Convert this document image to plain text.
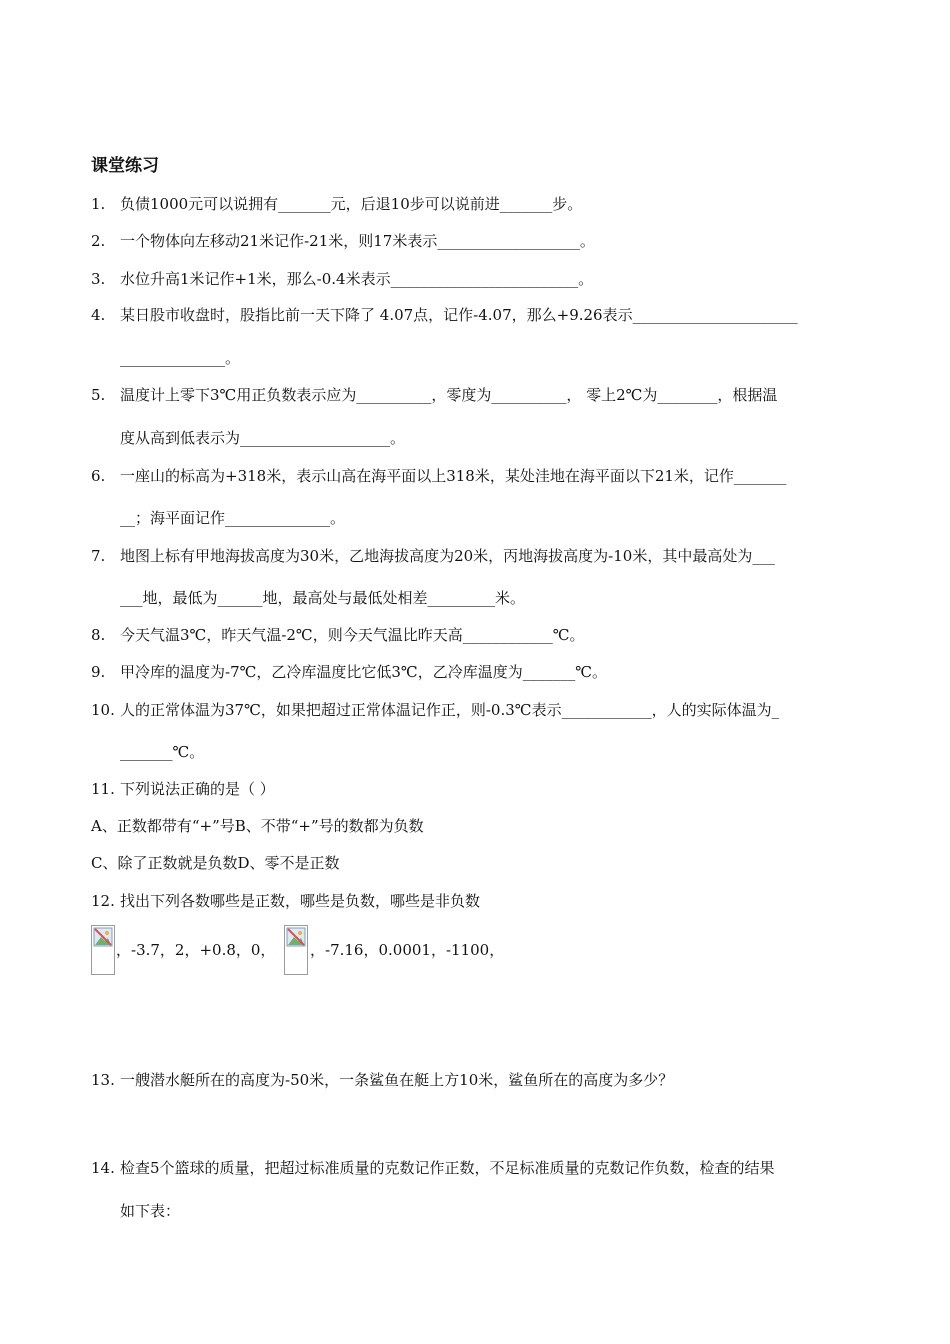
课堂练习
1. 负债1000元可以说拥有_______元，后退10步可以说前进_______步。
2. 一个物体向左移动21米记作-21米，则17米表示___________________。
3. 水位升高1米记作+1米，那么-0.4米表示_________________________。
4. 某日股市收盘时，股指比前一天下降了 4.07点，记作-4.07，那么+9.26表示______________________
______________。
5. 温度计上零下3℃用正负数表示应为__________，零度为__________， 零上2℃为________，根据温
度从高到低表示为____________________。
6. 一座山的标高为+318米，表示山高在海平面以上318米，某处洼地在海平面以下21米，记作_______
__；海平面记作______________。
7. 地图上标有甲地海拔高度为30米，乙地海拔高度为20米，丙地海拔高度为-10米，其中最高处为___
___地，最低为______地，最高处与最低处相差_________米。
8. 今天气温3℃，昨天气温-2℃，则今天气温比昨天高____________℃。
9. 甲冷库的温度为-7℃，乙冷库温度比它低3℃，乙冷库温度为_______℃。
10. 人的正常体温为37℃，如果把超过正常体温记作正，则-0.3℃表示____________，人的实际体温为_
_______℃。
11. 下列说法正确的是（ ）
A、正数都带有“+”号B、不带“+”号的数都为负数
C、除了正数就是负数D、零不是正数
12. 找出下列各数哪些是正数，哪些是负数，哪些是非负数
，-3.7，2，+0.8，0， ，-7.16，0.0001，-1100，
13. 一艘潜水艇所在的高度为-50米，一条鲨鱼在艇上方10米，鲨鱼所在的高度为多少？
14. 检查5个篮球的质量，把超过标准质量的克数记作正数，不足标准质量的克数记作负数，检查的结果
如下表：
